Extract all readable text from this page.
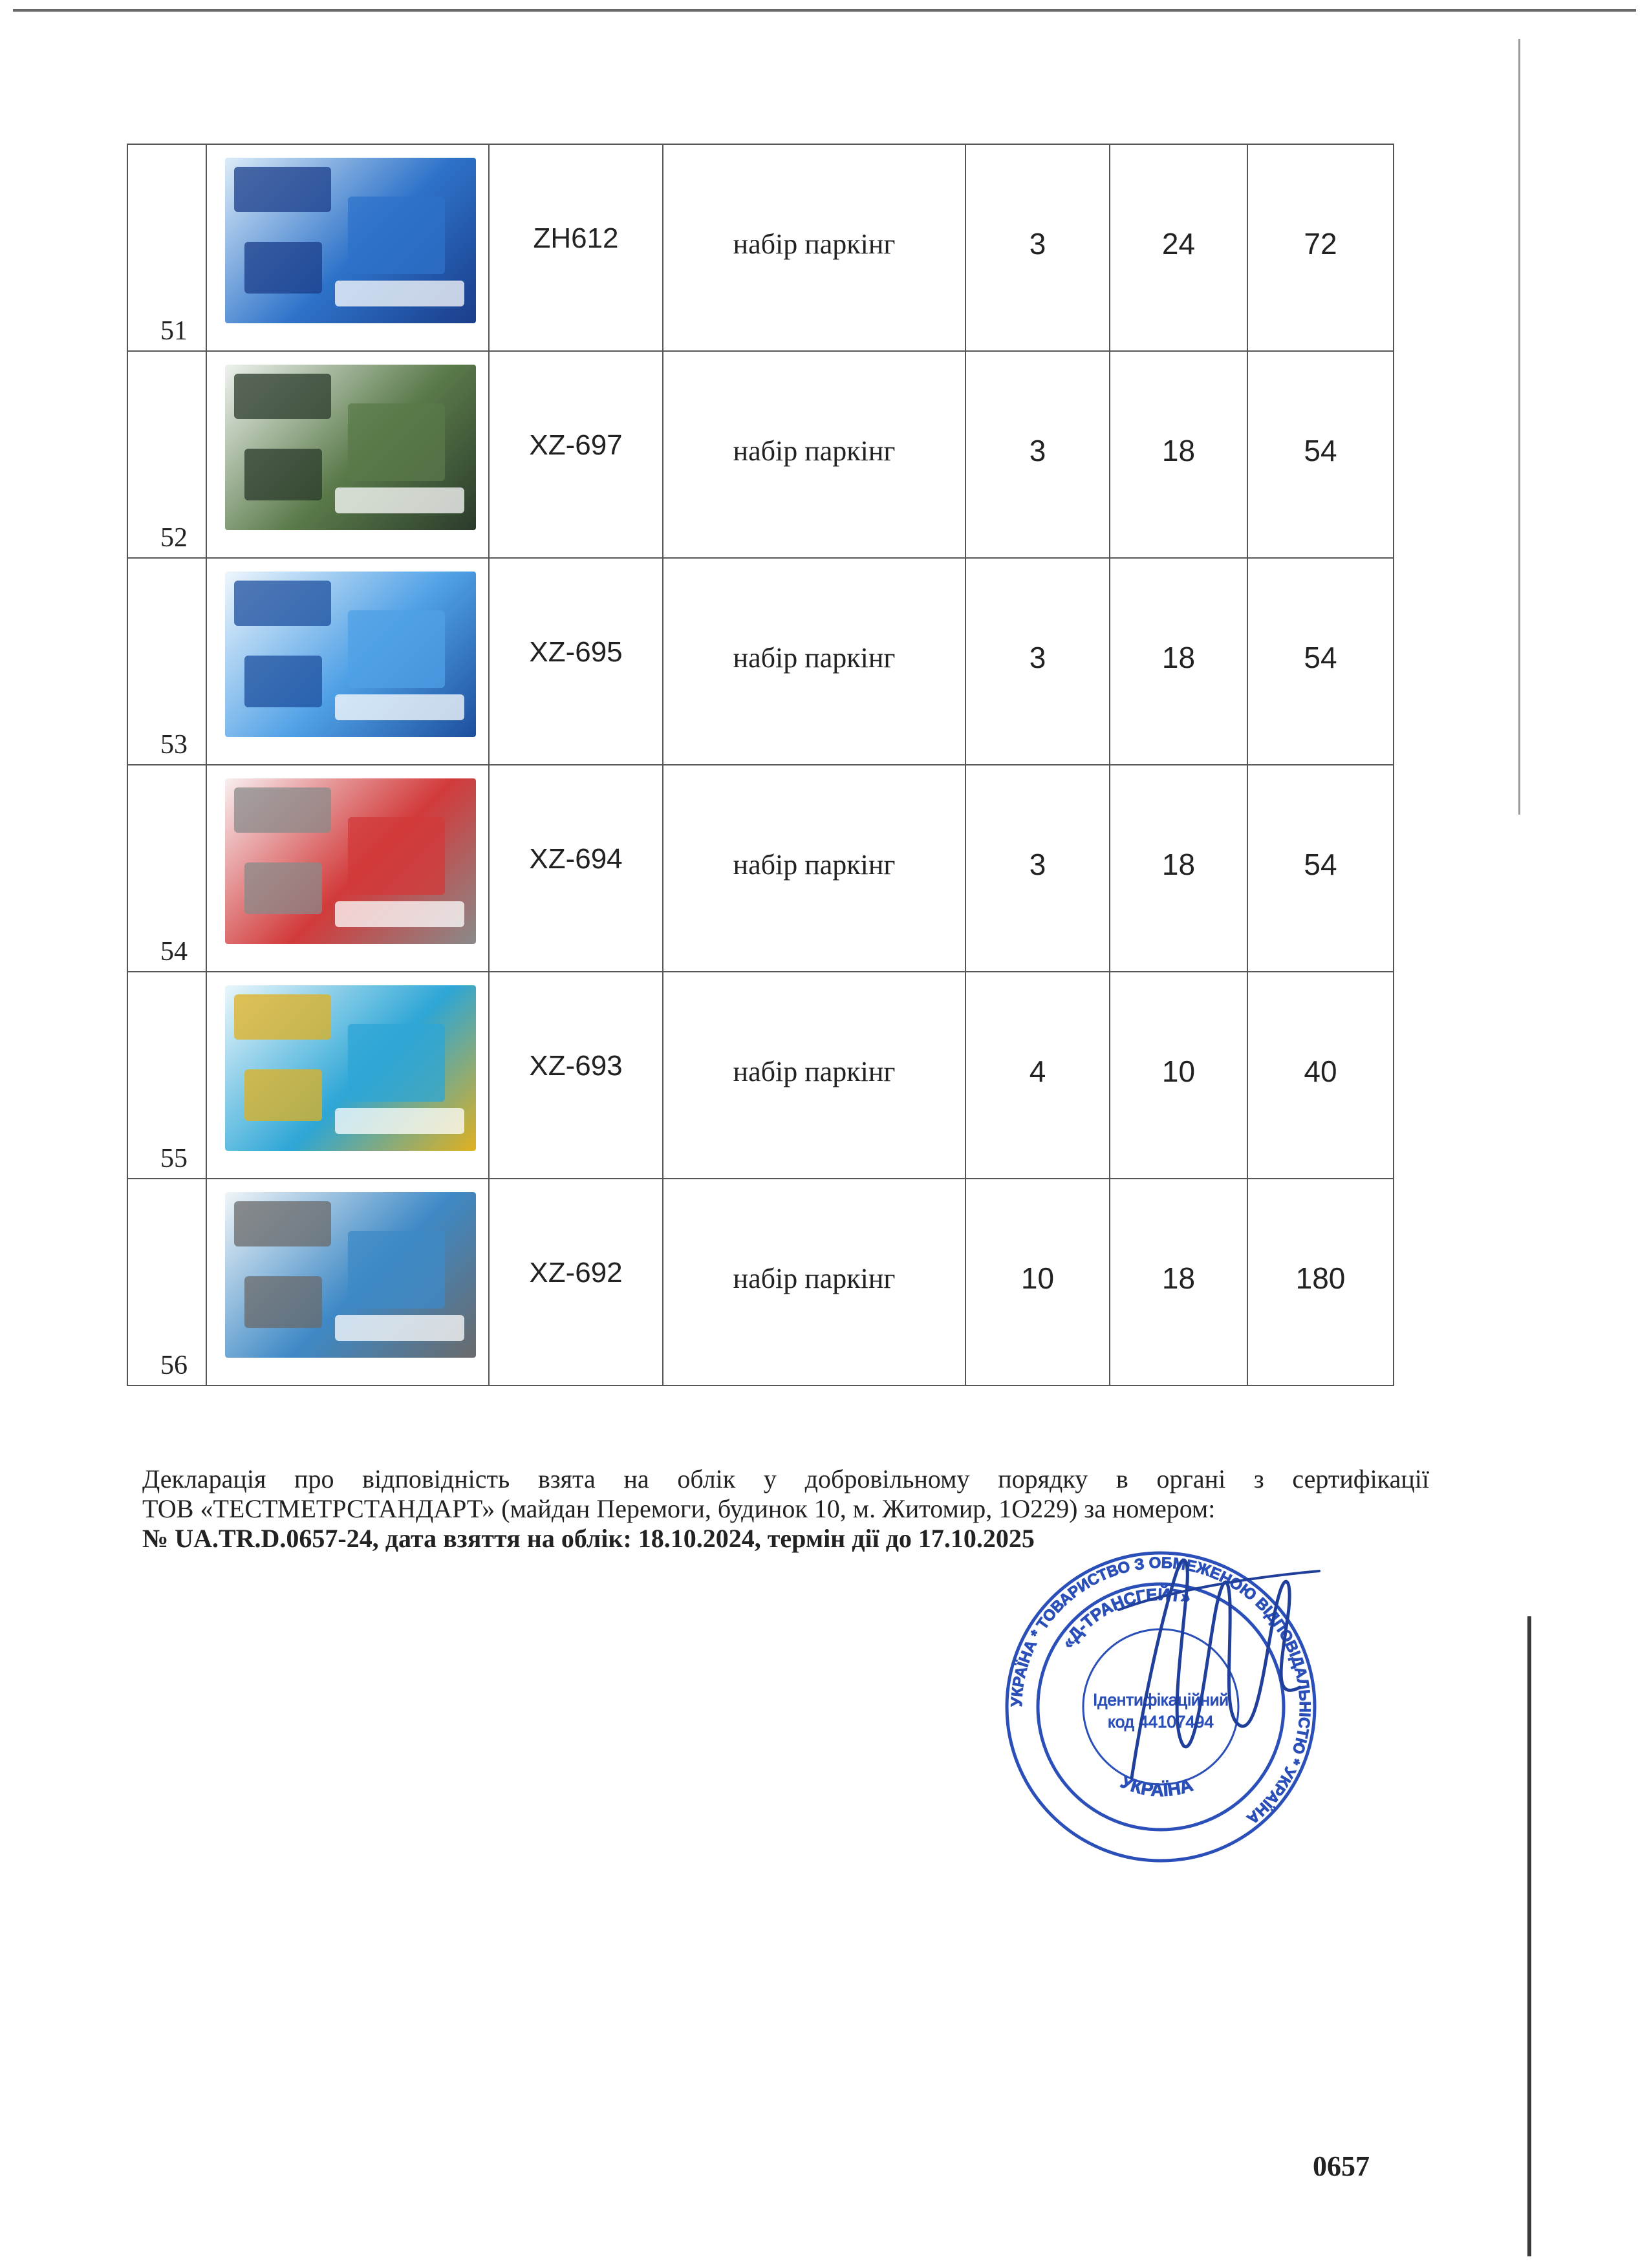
51		ZH612	набір паркінг	3	24	72

52		XZ-697	набір паркінг	3	18	54

53		XZ-695	набір паркінг	3	18	54

54		XZ-694	набір паркінг	3	18	54

55		XZ-693	набір паркінг	4	10	40

56		XZ-692	набір паркінг	10	18	180
Декларація про відповідність взята на облік у добровільному порядку в органі з сертифікації
ТОВ «ТЕСТМЕТРСТАНДАРТ» (майдан Перемоги, будинок 10, м. Житомир, 1О229) за номером:
№ UA.TR.D.0657-24, дата взяття на облік: 18.10.2024, термін дії до 17.10.2025
УКРАЇНА * ТОВАРИСТВО З ОБМЕЖЕНОЮ ВІДПОВІДАЛЬНІСТЮ * УКРАЇНА
«Д-ТРАНСГЕЙТ»
Ідентифікаційний
код 44107494
УКРАЇНА
0657
